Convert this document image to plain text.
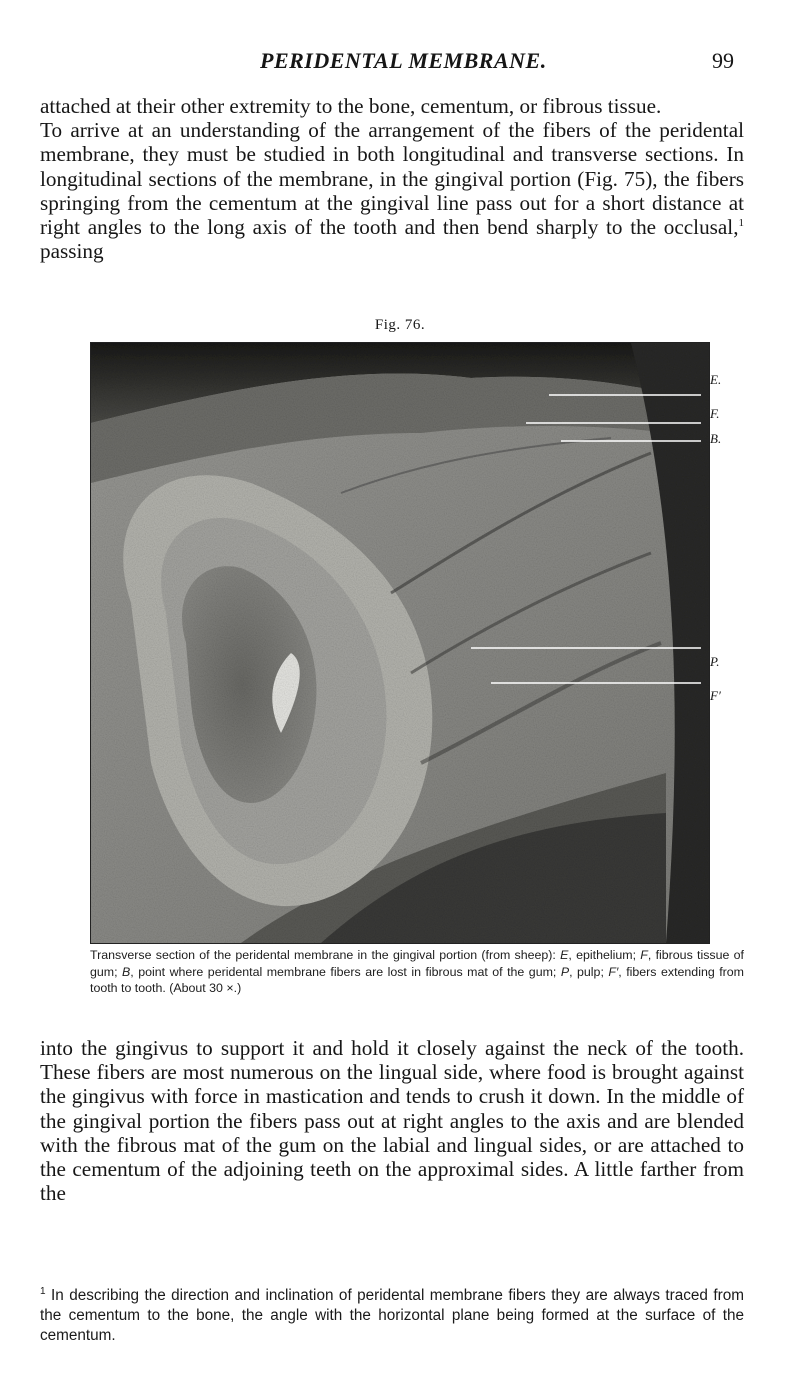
PERIDENTAL MEMBRANE.	99

attached at their other extremity to the bone, cementum, or fibrous tissue.

To arrive at an understanding of the arrangement of the fibers of the peridental membrane, they must be studied in both longitudinal and transverse sections. In longitudinal sections of the membrane, in the gingival portion (Fig. 75), the fibers springing from the cementum at the gingival line pass out for a short distance at right angles to the long axis of the tooth and then bend sharply to the occlusal,$^1$ passing

Fig. 76.
E.
F.
B.
P.
F′
Transverse section of the peridental membrane in the gingival portion (from sheep): E, epithelium; F, fibrous tissue of gum; B, point where peridental membrane fibers are lost in fibrous mat of the gum; P, pulp; F′, fibers extending from tooth to tooth. (About 30 ×.)

into the gingivus to support it and hold it closely against the neck of the tooth. These fibers are most numerous on the lingual side, where food is brought against the gingivus with force in mastication and tends to crush it down. In the middle of the gingival portion the fibers pass out at right angles to the axis and are blended with the fibrous mat of the gum on the labial and lingual sides, or are attached to the cementum of the adjoining teeth on the approximal sides. A little farther from the

$^1$ In describing the direction and inclination of peridental membrane fibers they are always traced from the cementum to the bone, the angle with the horizontal plane being formed at the surface of the cementum.
